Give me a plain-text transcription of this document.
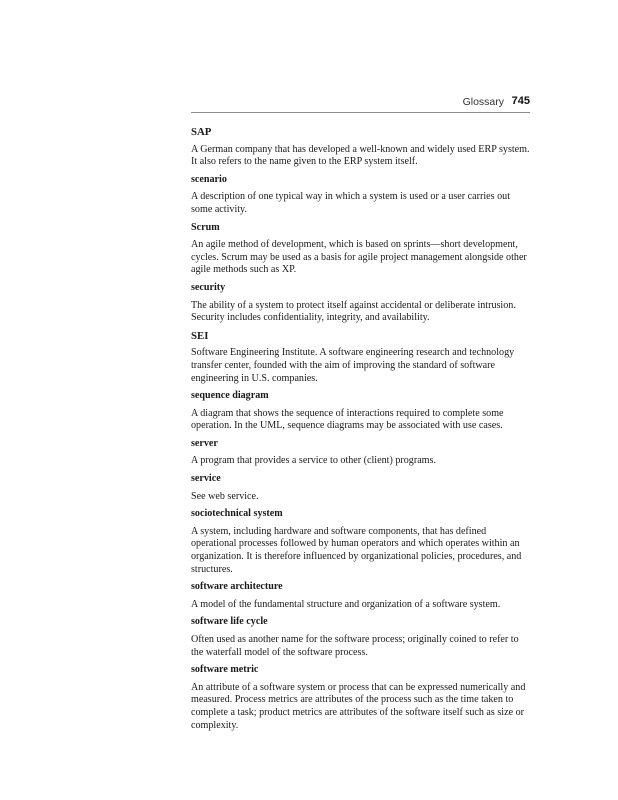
Glossary 745
SAP
A German company that has developed a well-known and widely used ERP system. It also refers to the name given to the ERP system itself.
scenario
A description of one typical way in which a system is used or a user carries out some activity.
Scrum
An agile method of development, which is based on sprints—short development, cycles. Scrum may be used as a basis for agile project management alongside other agile methods such as XP.
security
The ability of a system to protect itself against accidental or deliberate intrusion. Security includes confidentiality, integrity, and availability.
SEI
Software Engineering Institute. A software engineering research and technology transfer center, founded with the aim of improving the standard of software engineering in U.S. companies.
sequence diagram
A diagram that shows the sequence of interactions required to complete some operation. In the UML, sequence diagrams may be associated with use cases.
server
A program that provides a service to other (client) programs.
service
See web service.
sociotechnical system
A system, including hardware and software components, that has defined operational processes followed by human operators and which operates within an organization. It is therefore influenced by organizational policies, procedures, and structures.
software architecture
A model of the fundamental structure and organization of a software system.
software life cycle
Often used as another name for the software process; originally coined to refer to the waterfall model of the software process.
software metric
An attribute of a software system or process that can be expressed numerically and measured. Process metrics are attributes of the process such as the time taken to complete a task; product metrics are attributes of the software itself such as size or complexity.
